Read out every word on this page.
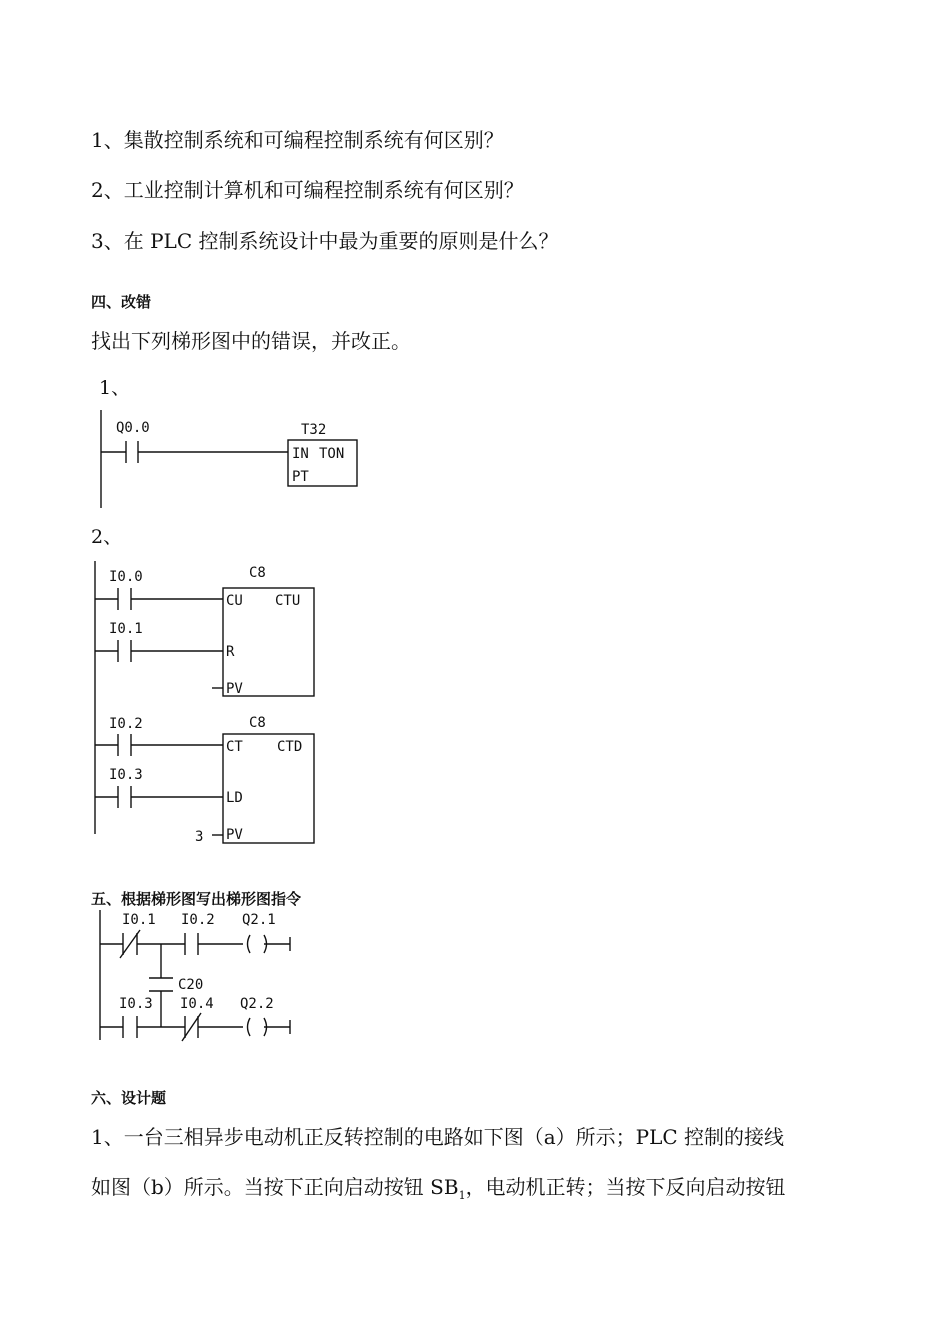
1、集散控制系统和可编程控制系统有何区别？
2、工业控制计算机和可编程控制系统有何区别？
3、在 PLC 控制系统设计中最为重要的原则是什么？
四、改错
找出下列梯形图中的错误，并改正。
1、
Q0.0	T32
IN TON
PT
2、
I0.0
I0.1
C8
CU CTU
R
PV
I0.2
I0.3
C8
CT CTD
LD
PV
3
I0.1 I0.2 Q2.1
C20
I0.3 I0.4 Q2.2
五、根据梯形图写出梯形图指令
六、设计题
1、一台三相异步电动机正反转控制的电路如下图（a）所示；PLC 控制的接线
如图（b）所示。当按下正向启动按钮 $SB_1$，电动机正转；当按下反向启动按钮
